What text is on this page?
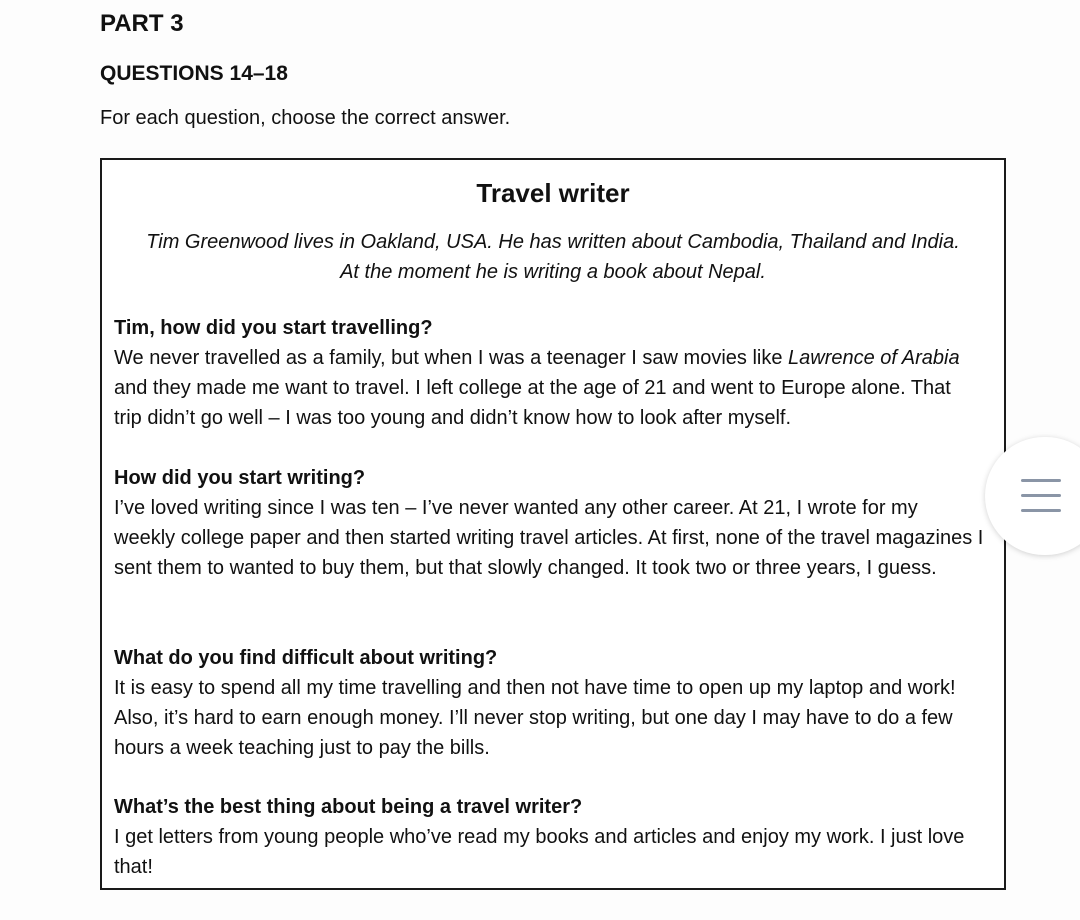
PART 3
QUESTIONS 14–18

For each question, choose the correct answer.

Travel writer
Tim Greenwood lives in Oakland, USA. He has written about Cambodia, Thailand and India.
At the moment he is writing a book about Nepal.

Tim, how did you start travelling?

We never travelled as a family, but when I was a teenager I saw movies like Lawrence of Arabia and they made me want to travel. I left college at the age of 21 and went to Europe alone. That trip didn’t go well – I was too young and didn’t know how to look after myself.

How did you start writing?

I’ve loved writing since I was ten – I’ve never wanted any other career. At 21, I wrote for my weekly college paper and then started writing travel articles. At first, none of the travel magazines I sent them to wanted to buy them, but that slowly changed. It took two or three years, I guess.

What do you find difficult about writing?

It is easy to spend all my time travelling and then not have time to open up my laptop and work! Also, it’s hard to earn enough money. I’ll never stop writing, but one day I may have to do a few hours a week teaching just to pay the bills.

What’s the best thing about being a travel writer?

I get letters from young people who’ve read my books and articles and enjoy my work. I just love that!
